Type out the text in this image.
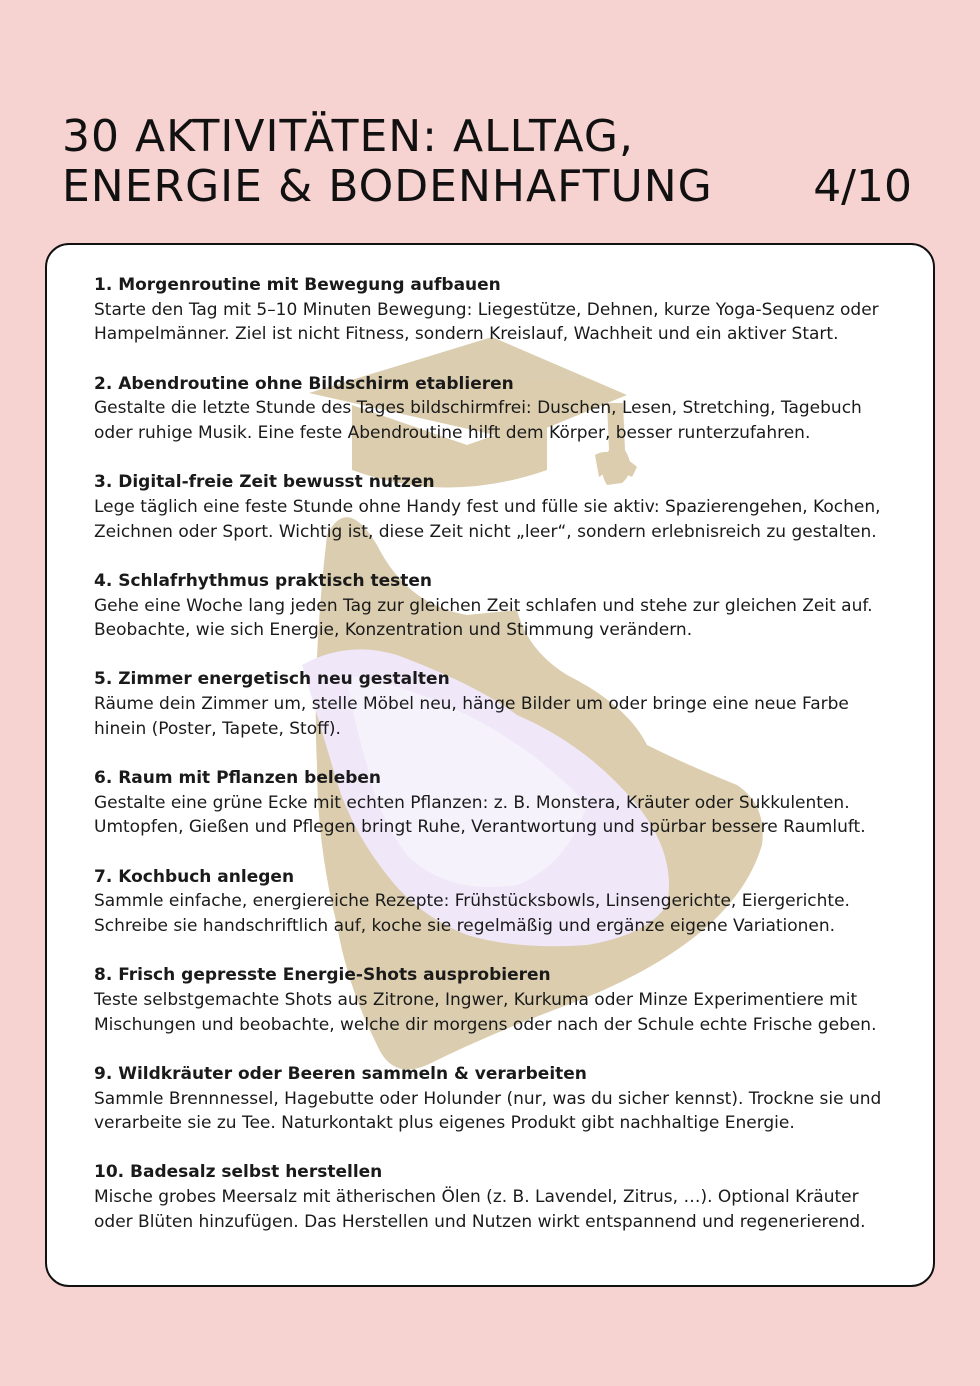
30 AKTIVITÄTEN: ALLTAG,
ENERGIE & BODENHAFTUNG	4/10
1. Morgenroutine mit Bewegung aufbauen
Starte den Tag mit 5–10 Minuten Bewegung: Liegestütze, Dehnen, kurze Yoga-Sequenz oder Hampelmänner. Ziel ist nicht Fitness, sondern Kreislauf, Wachheit und ein aktiver Start.
2. Abendroutine ohne Bildschirm etablieren
Gestalte die letzte Stunde des Tages bildschirmfrei: Duschen, Lesen, Stretching, Tagebuch oder ruhige Musik. Eine feste Abendroutine hilft dem Körper, besser runterzufahren.
3. Digital-freie Zeit bewusst nutzen
Lege täglich eine feste Stunde ohne Handy fest und fülle sie aktiv: Spazierengehen, Kochen, Zeichnen oder Sport. Wichtig ist, diese Zeit nicht „leer“, sondern erlebnisreich zu gestalten.
4. Schlafrhythmus praktisch testen
Gehe eine Woche lang jeden Tag zur gleichen Zeit schlafen und stehe zur gleichen Zeit auf. Beobachte, wie sich Energie, Konzentration und Stimmung verändern.
5. Zimmer energetisch neu gestalten
Räume dein Zimmer um, stelle Möbel neu, hänge Bilder um oder bringe eine neue Farbe hinein (Poster, Tapete, Stoff).
6. Raum mit Pflanzen beleben
Gestalte eine grüne Ecke mit echten Pflanzen: z. B. Monstera, Kräuter oder Sukkulenten. Umtopfen, Gießen und Pflegen bringt Ruhe, Verantwortung und spürbar bessere Raumluft.
7. Kochbuch anlegen
Sammle einfache, energiereiche Rezepte: Frühstücksbowls, Linsengerichte, Eiergerichte. Schreibe sie handschriftlich auf, koche sie regelmäßig und ergänze eigene Variationen.
8. Frisch gepresste Energie-Shots ausprobieren
Teste selbstgemachte Shots aus Zitrone, Ingwer, Kurkuma oder Minze Experimentiere mit Mischungen und beobachte, welche dir morgens oder nach der Schule echte Frische geben.
9. Wildkräuter oder Beeren sammeln & verarbeiten
Sammle Brennnessel, Hagebutte oder Holunder (nur, was du sicher kennst). Trockne sie und verarbeite sie zu Tee. Naturkontakt plus eigenes Produkt gibt nachhaltige Energie.
10. Badesalz selbst herstellen
Mische grobes Meersalz mit ätherischen Ölen (z. B. Lavendel, Zitrus, …). Optional Kräuter oder Blüten hinzufügen. Das Herstellen und Nutzen wirkt entspannend und regenerierend.
